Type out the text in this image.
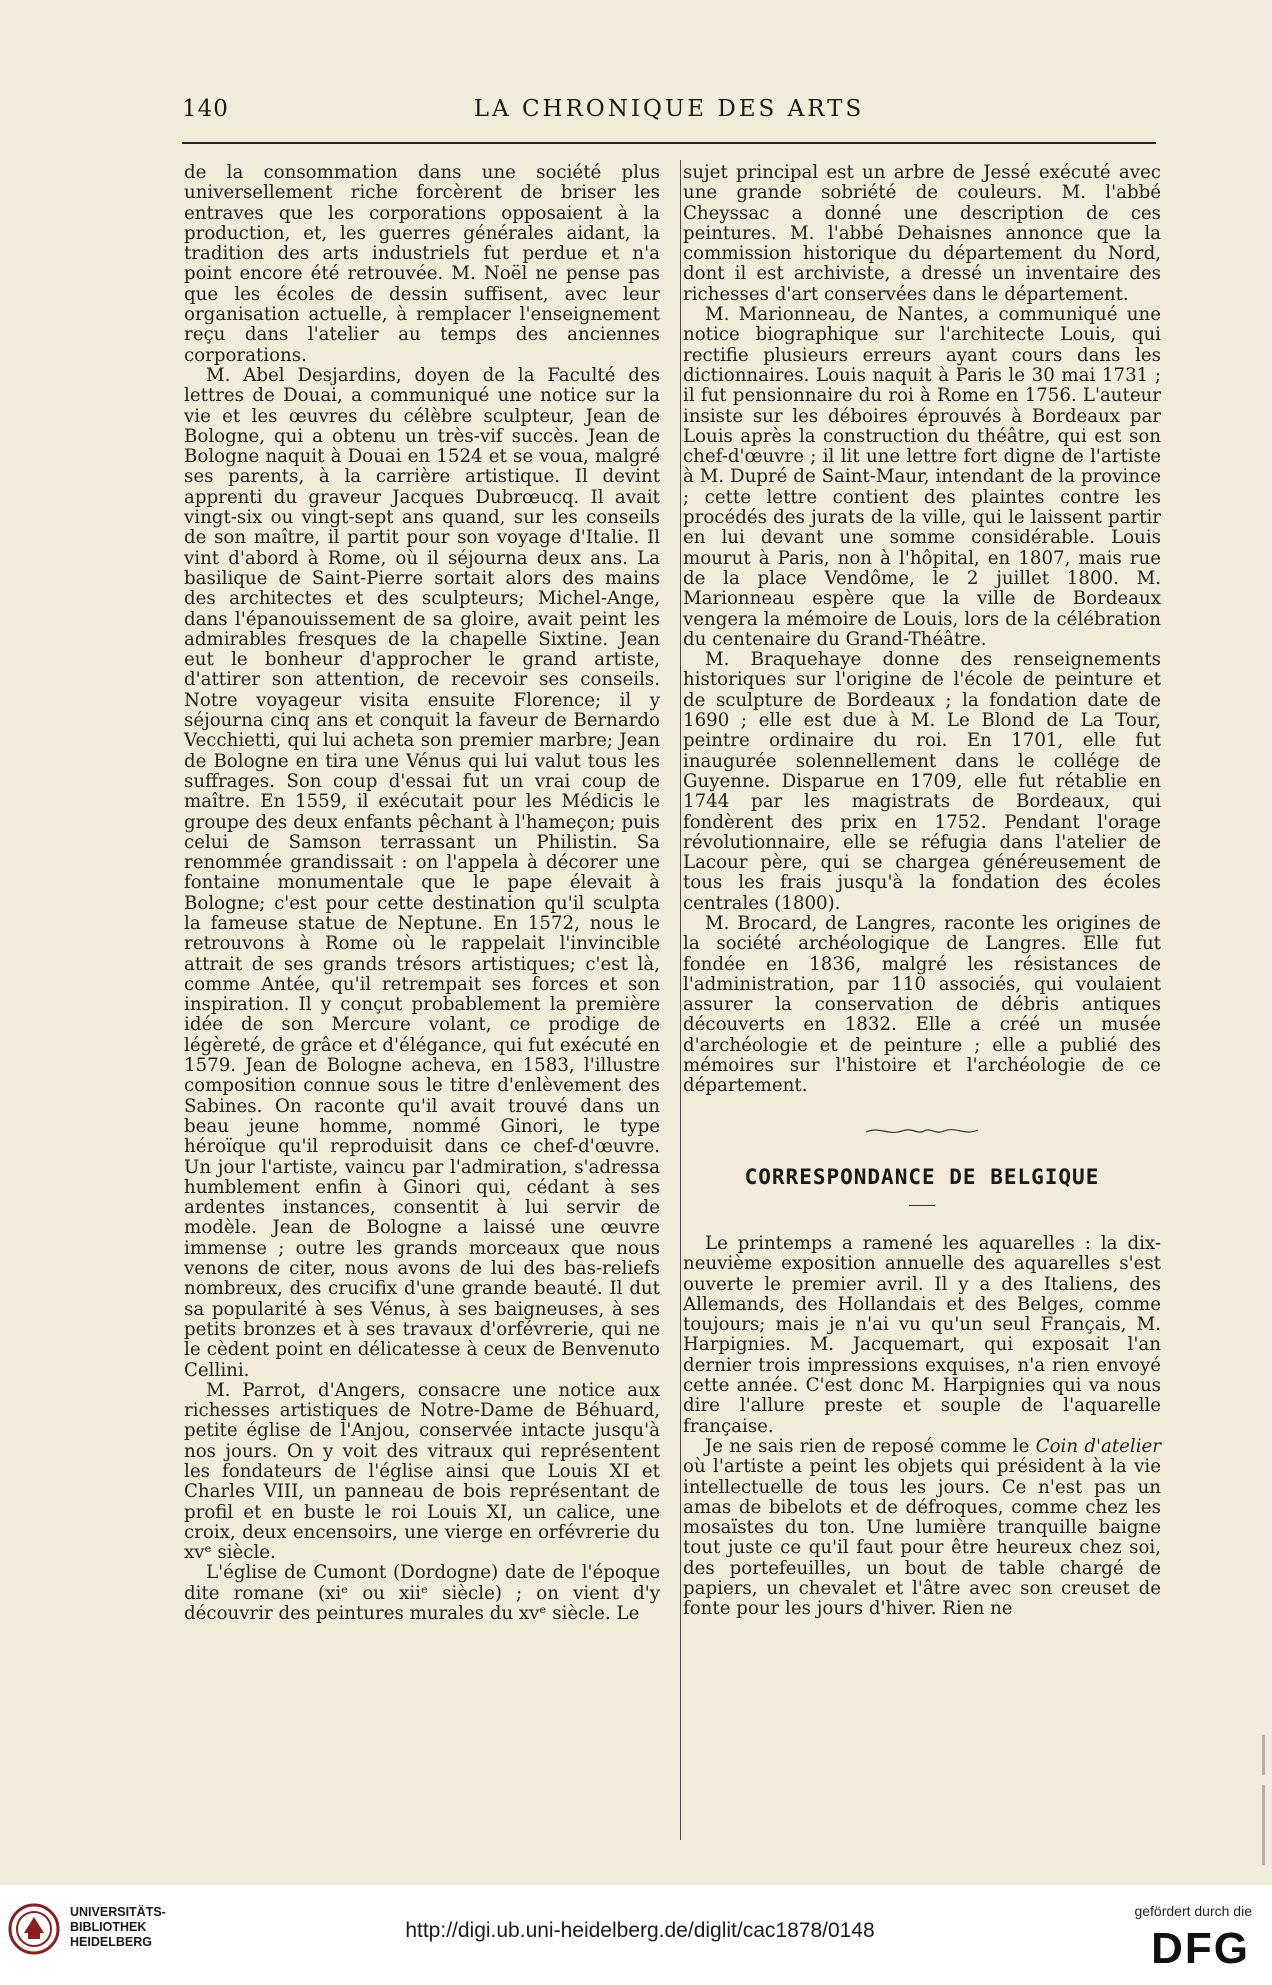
140	LA CHRONIQUE DES ARTS

de la consommation dans une société plus universellement riche forcèrent de briser les entraves que les corporations opposaient à la production, et, les guerres générales aidant, la tradition des arts industriels fut perdue et n'a point encore été retrouvée. M. Noël ne pense pas que les écoles de dessin suffisent, avec leur organisation actuelle, à remplacer l'enseignement reçu dans l'atelier au temps des anciennes corporations.

M. Abel Desjardins, doyen de la Faculté des lettres de Douai, a communiqué une notice sur la vie et les œuvres du célèbre sculpteur, Jean de Bologne, qui a obtenu un très-vif succès. Jean de Bologne naquit à Douai en 1524 et se voua, malgré ses parents, à la carrière artistique. Il devint apprenti du graveur Jacques Dubrœucq. Il avait vingt-six ou vingt-sept ans quand, sur les conseils de son maître, il partit pour son voyage d'Italie. Il vint d'abord à Rome, où il séjourna deux ans. La basilique de Saint-Pierre sortait alors des mains des architectes et des sculpteurs; Michel-Ange, dans l'épanouissement de sa gloire, avait peint les admirables fresques de la chapelle Sixtine. Jean eut le bonheur d'approcher le grand artiste, d'attirer son attention, de recevoir ses conseils. Notre voyageur visita ensuite Florence; il y séjourna cinq ans et conquit la faveur de Bernardo Vecchietti, qui lui acheta son premier marbre; Jean de Bologne en tira une Vénus qui lui valut tous les suffrages. Son coup d'essai fut un vrai coup de maître. En 1559, il exécutait pour les Médicis le groupe des deux enfants pêchant à l'hameçon; puis celui de Samson terrassant un Philistin. Sa renommée grandissait : on l'appela à décorer une fontaine monumentale que le pape élevait à Bologne; c'est pour cette destination qu'il sculpta la fameuse statue de Neptune. En 1572, nous le retrouvons à Rome où le rappelait l'invincible attrait de ses grands trésors artistiques; c'est là, comme Antée, qu'il retrempait ses forces et son inspiration. Il y conçut probablement la première idée de son Mercure volant, ce prodige de légèreté, de grâce et d'élégance, qui fut exécuté en 1579. Jean de Bologne acheva, en 1583, l'illustre composition connue sous le titre d'enlèvement des Sabines. On raconte qu'il avait trouvé dans un beau jeune homme, nommé Ginori, le type héroïque qu'il reproduisit dans ce chef-d'œuvre. Un jour l'artiste, vaincu par l'admiration, s'adressa humblement enfin à Ginori qui, cédant à ses ardentes instances, consentit à lui servir de modèle. Jean de Bologne a laissé une œuvre immense ; outre les grands morceaux que nous venons de citer, nous avons de lui des bas-reliefs nombreux, des crucifix d'une grande beauté. Il dut sa popularité à ses Vénus, à ses baigneuses, à ses petits bronzes et à ses travaux d'orfévrerie, qui ne le cèdent point en délicatesse à ceux de Benvenuto Cellini.

M. Parrot, d'Angers, consacre une notice aux richesses artistiques de Notre-Dame de Béhuard, petite église de l'Anjou, conservée intacte jusqu'à nos jours. On y voit des vitraux qui représentent les fondateurs de l'église ainsi que Louis XI et Charles VIII, un panneau de bois représentant de profil et en buste le roi Louis XI, un calice, une croix, deux encensoirs, une vierge en orfévrerie du xvᵉ siècle.

L'église de Cumont (Dordogne) date de l'époque dite romane (xiᵉ ou xiiᵉ siècle) ; on vient d'y découvrir des peintures murales du xvᵉ siècle. Le

sujet principal est un arbre de Jessé exécuté avec une grande sobriété de couleurs. M. l'abbé Cheyssac a donné une description de ces peintures. M. l'abbé Dehaisnes annonce que la commission historique du département du Nord, dont il est archiviste, a dressé un inventaire des richesses d'art conservées dans le département.

M. Marionneau, de Nantes, a communiqué une notice biographique sur l'architecte Louis, qui rectifie plusieurs erreurs ayant cours dans les dictionnaires. Louis naquit à Paris le 30 mai 1731 ; il fut pensionnaire du roi à Rome en 1756. L'auteur insiste sur les déboires éprouvés à Bordeaux par Louis après la construction du théâtre, qui est son chef-d'œuvre ; il lit une lettre fort digne de l'artiste à M. Dupré de Saint-Maur, intendant de la province ; cette lettre contient des plaintes contre les procédés des jurats de la ville, qui le laissent partir en lui devant une somme considérable. Louis mourut à Paris, non à l'hôpital, en 1807, mais rue de la place Vendôme, le 2 juillet 1800. M. Marionneau espère que la ville de Bordeaux vengera la mémoire de Louis, lors de la célébration du centenaire du Grand-Théâtre.

M. Braquehaye donne des renseignements historiques sur l'origine de l'école de peinture et de sculpture de Bordeaux ; la fondation date de 1690 ; elle est due à M. Le Blond de La Tour, peintre ordinaire du roi. En 1701, elle fut inaugurée solennellement dans le collége de Guyenne. Disparue en 1709, elle fut rétablie en 1744 par les magistrats de Bordeaux, qui fondèrent des prix en 1752. Pendant l'orage révolutionnaire, elle se réfugia dans l'atelier de Lacour père, qui se chargea généreusement de tous les frais jusqu'à la fondation des écoles centrales (1800).

M. Brocard, de Langres, raconte les origines de la société archéologique de Langres. Elle fut fondée en 1836, malgré les résistances de l'administration, par 110 associés, qui voulaient assurer la conservation de débris antiques découverts en 1832. Elle a créé un musée d'archéologie et de peinture ; elle a publié des mémoires sur l'histoire et l'archéologie de ce département.

CORRESPONDANCE DE BELGIQUE

Le printemps a ramené les aquarelles : la dix-neuvième exposition annuelle des aquarelles s'est ouverte le premier avril. Il y a des Italiens, des Allemands, des Hollandais et des Belges, comme toujours; mais je n'ai vu qu'un seul Français, M. Harpignies. M. Jacquemart, qui exposait l'an dernier trois impressions exquises, n'a rien envoyé cette année. C'est donc M. Harpignies qui va nous dire l'allure preste et souple de l'aquarelle française.

Je ne sais rien de reposé comme le Coin d'atelier où l'artiste a peint les objets qui président à la vie intellectuelle de tous les jours. Ce n'est pas un amas de bibelots et de défroques, comme chez les mosaïstes du ton. Une lumière tranquille baigne tout juste ce qu'il faut pour être heureux chez soi, des portefeuilles, un bout de table chargé de papiers, un chevalet et l'âtre avec son creuset de fonte pour les jours d'hiver. Rien ne

UNIVERSITÄTS-
BIBLIOTHEK
HEIDELBERG	http://digi.ub.uni-heidelberg.de/diglit/cac1878/0148
gefördert durch die
DFG
